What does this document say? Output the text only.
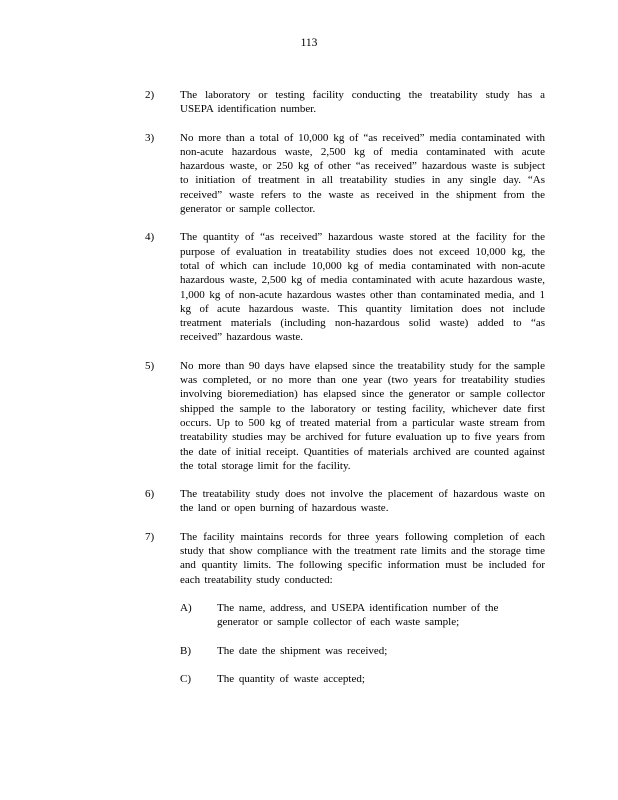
113
2) The laboratory or testing facility conducting the treatability study has a USEPA identification number.
3) No more than a total of 10,000 kg of “as received” media contaminated with non-acute hazardous waste, 2,500 kg of media contaminated with acute hazardous waste, or 250 kg of other “as received” hazardous waste is subject to initiation of treatment in all treatability studies in any single day. “As received” waste refers to the waste as received in the shipment from the generator or sample collector.
4) The quantity of “as received” hazardous waste stored at the facility for the purpose of evaluation in treatability studies does not exceed 10,000 kg, the total of which can include 10,000 kg of media contaminated with non-acute hazardous waste, 2,500 kg of media contaminated with acute hazardous waste, 1,000 kg of non-acute hazardous wastes other than contaminated media, and 1 kg of acute hazardous waste. This quantity limitation does not include treatment materials (including non-hazardous solid waste) added to “as received” hazardous waste.
5) No more than 90 days have elapsed since the treatability study for the sample was completed, or no more than one year (two years for treatability studies involving bioremediation) has elapsed since the generator or sample collector shipped the sample to the laboratory or testing facility, whichever date first occurs. Up to 500 kg of treated material from a particular waste stream from treatability studies may be archived for future evaluation up to five years from the date of initial receipt. Quantities of materials archived are counted against the total storage limit for the facility.
6) The treatability study does not involve the placement of hazardous waste on the land or open burning of hazardous waste.
7) The facility maintains records for three years following completion of each study that show compliance with the treatment rate limits and the storage time and quantity limits. The following specific information must be included for each treatability study conducted:
A) The name, address, and USEPA identification number of the generator or sample collector of each waste sample;
B) The date the shipment was received;
C) The quantity of waste accepted;
